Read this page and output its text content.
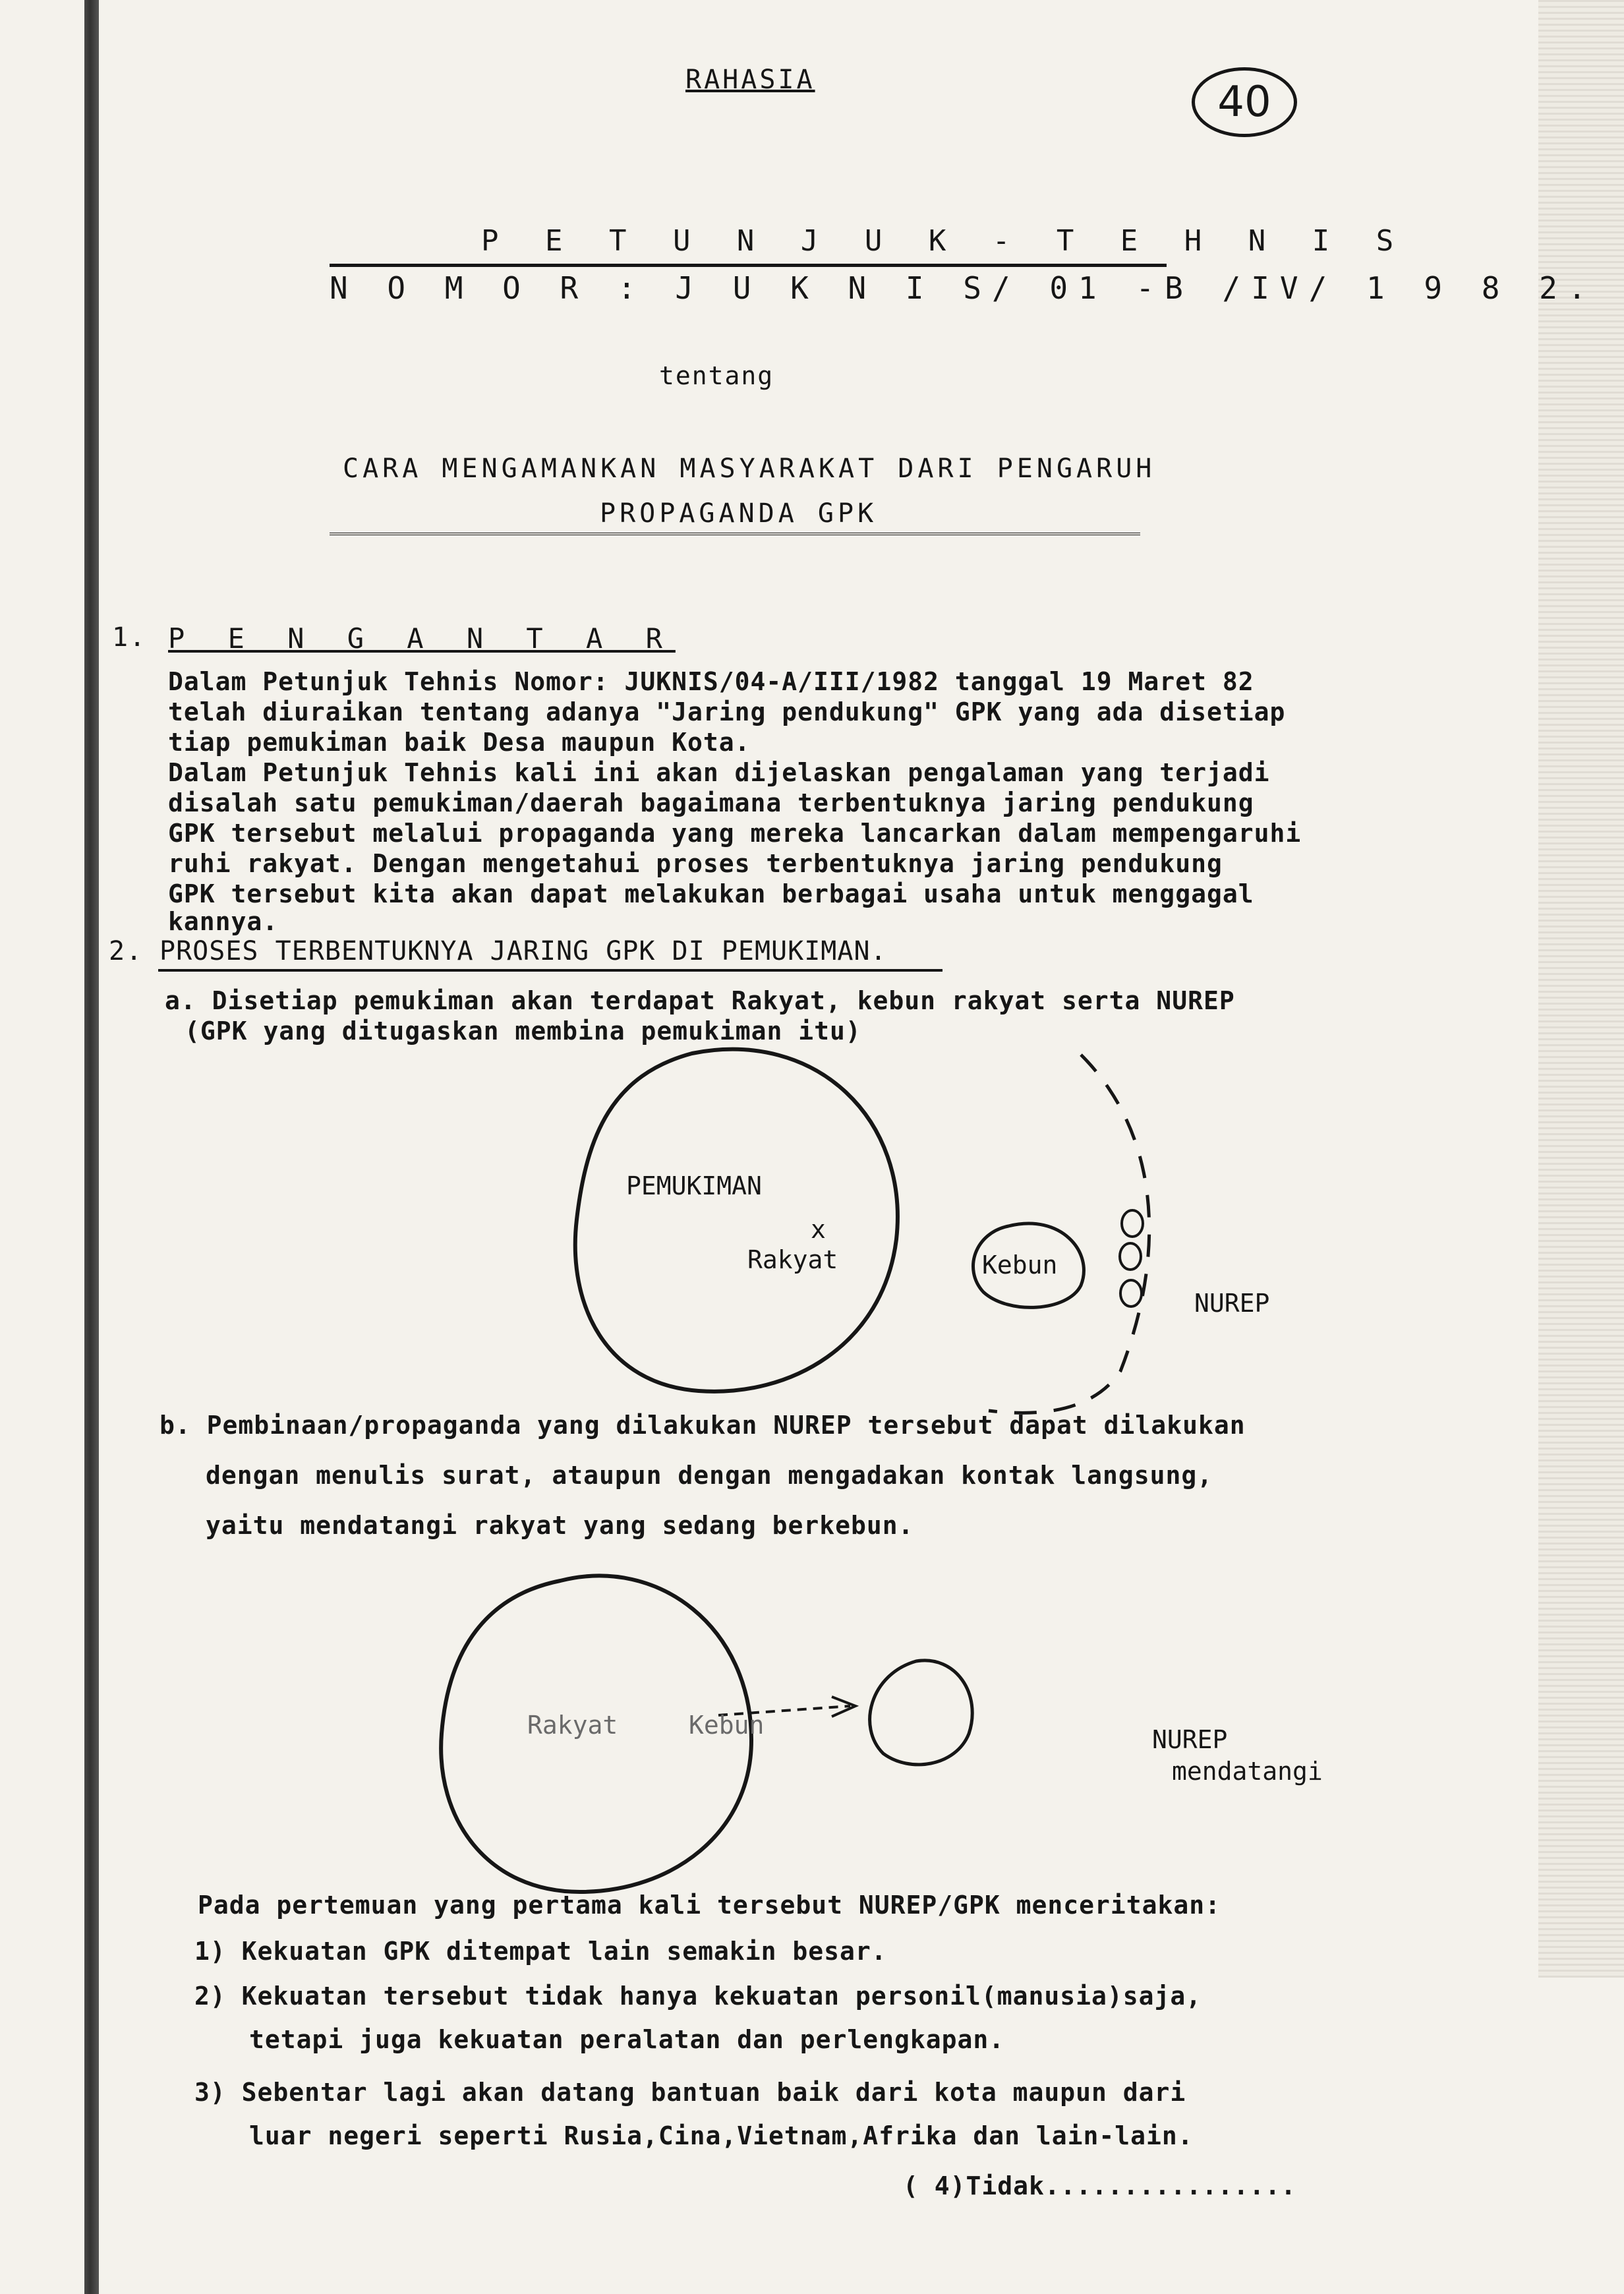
RAHASIA	40
P E T U N J U K - T E H N I S
N O M O R : J U K N I S/ 01 -B /IV/ 1 9 8 2.
tentang
CARA MENGAMANKAN MASYARAKAT DARI PENGARUH
PROPAGANDA GPK
1. P E N G A N T A R
Dalam Petunjuk Tehnis Nomor: JUKNIS/04-A/III/1982 tanggal 19 Maret 82
telah diuraikan tentang adanya "Jaring pendukung" GPK yang ada disetiap
tiap pemukiman baik Desa maupun Kota.
Dalam Petunjuk Tehnis kali ini akan dijelaskan pengalaman yang terjadi
disalah satu pemukiman/daerah bagaimana terbentuknya jaring pendukung
GPK tersebut melalui propaganda yang mereka lancarkan dalam mempengaruhi
ruhi rakyat. Dengan mengetahui proses terbentuknya jaring pendukung
GPK tersebut kita akan dapat melakukan berbagai usaha untuk menggagal
kannya.
2. PROSES TERBENTUKNYA JARING GPK DI PEMUKIMAN.
a. Disetiap pemukiman akan terdapat Rakyat, kebun rakyat serta NUREP
(GPK yang ditugaskan membina pemukiman itu)
PEMUKIMAN
x
Rakyat	Kebun
NUREP
b. Pembinaan/propaganda yang dilakukan NUREP tersebut dapat dilakukan
dengan menulis surat, ataupun dengan mengadakan kontak langsung,
yaitu mendatangi rakyat yang sedang berkebun.
Rakyat	Kebun	NUREP
mendatangi
Pada pertemuan yang pertama kali tersebut NUREP/GPK menceritakan:
1) Kekuatan GPK ditempat lain semakin besar.
2) Kekuatan tersebut tidak hanya kekuatan personil(manusia)saja,
tetapi juga kekuatan peralatan dan perlengkapan.
3) Sebentar lagi akan datang bantuan baik dari kota maupun dari
luar negeri seperti Rusia,Cina,Vietnam,Afrika dan lain-lain.
( 4)Tidak................
